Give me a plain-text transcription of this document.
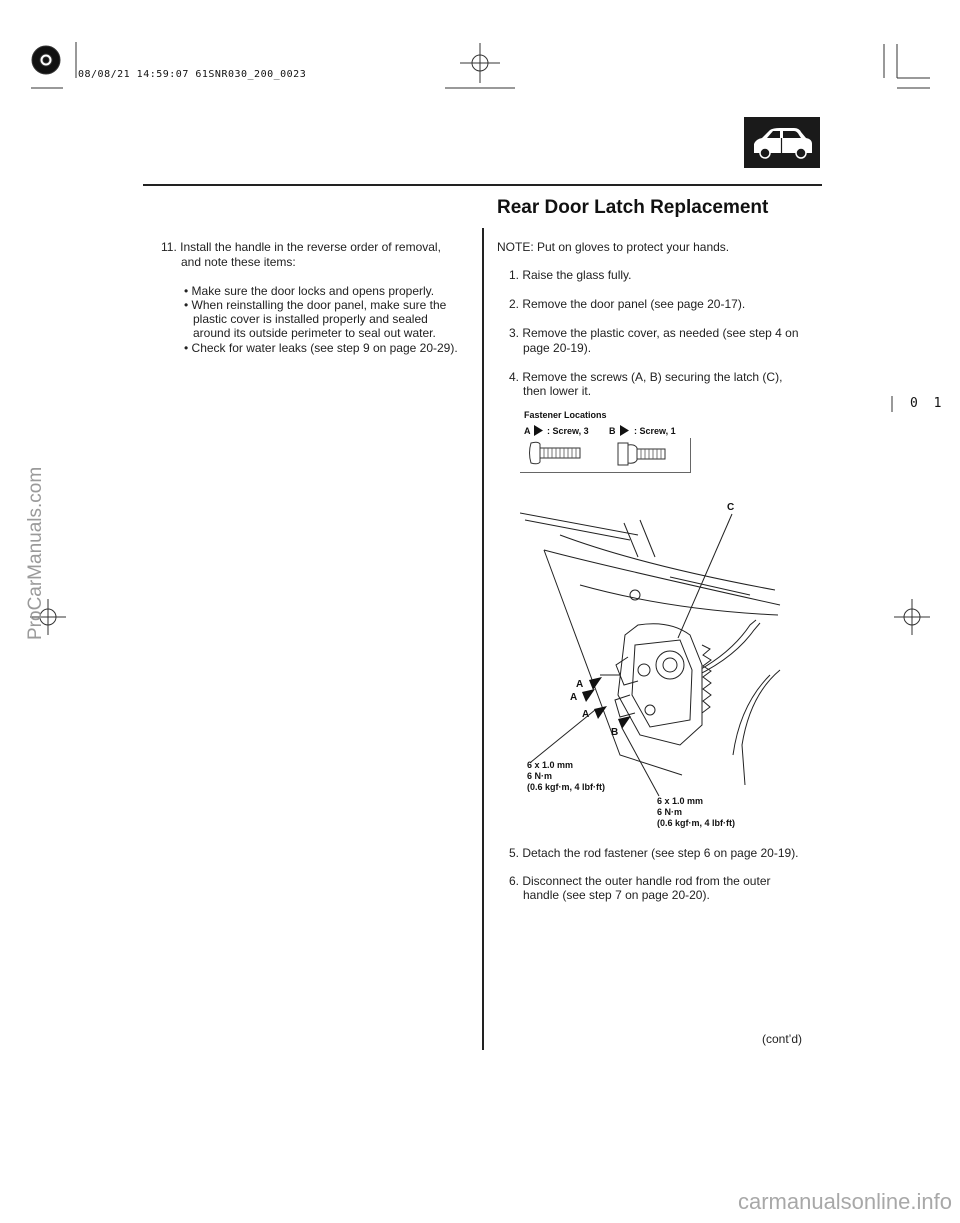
08/08/21 14:59:07 61SNR030_200_0023
0 1
ProCarManuals.com
carmanualsonline.info
Rear Door Latch Replacement
11. Install the handle in the reverse order of removal,
and note these items:
• Make sure the door locks and opens properly.
• When reinstalling the door panel, make sure the
plastic cover is installed properly and sealed
around its outside perimeter to seal out water.
• Check for water leaks (see step 9 on page 20-29).
NOTE: Put on gloves to protect your hands.
1. Raise the glass fully.
2. Remove the door panel (see page 20-17).
3. Remove the plastic cover, as needed (see step 4 on
page 20-19).
4. Remove the screws (A, B) securing the latch (C),
then lower it.
Fastener Locations
A : Screw, 3 B : Screw, 1
C
A
A
A
B
6 x 1.0 mm
6 N·m
(0.6 kgf·m, 4 lbf·ft)
6 x 1.0 mm
6 N·m
(0.6 kgf·m, 4 lbf·ft)
5. Detach the rod fastener (see step 6 on page 20-19).
6. Disconnect the outer handle rod from the outer
handle (see step 7 on page 20-20).
(cont’d)
